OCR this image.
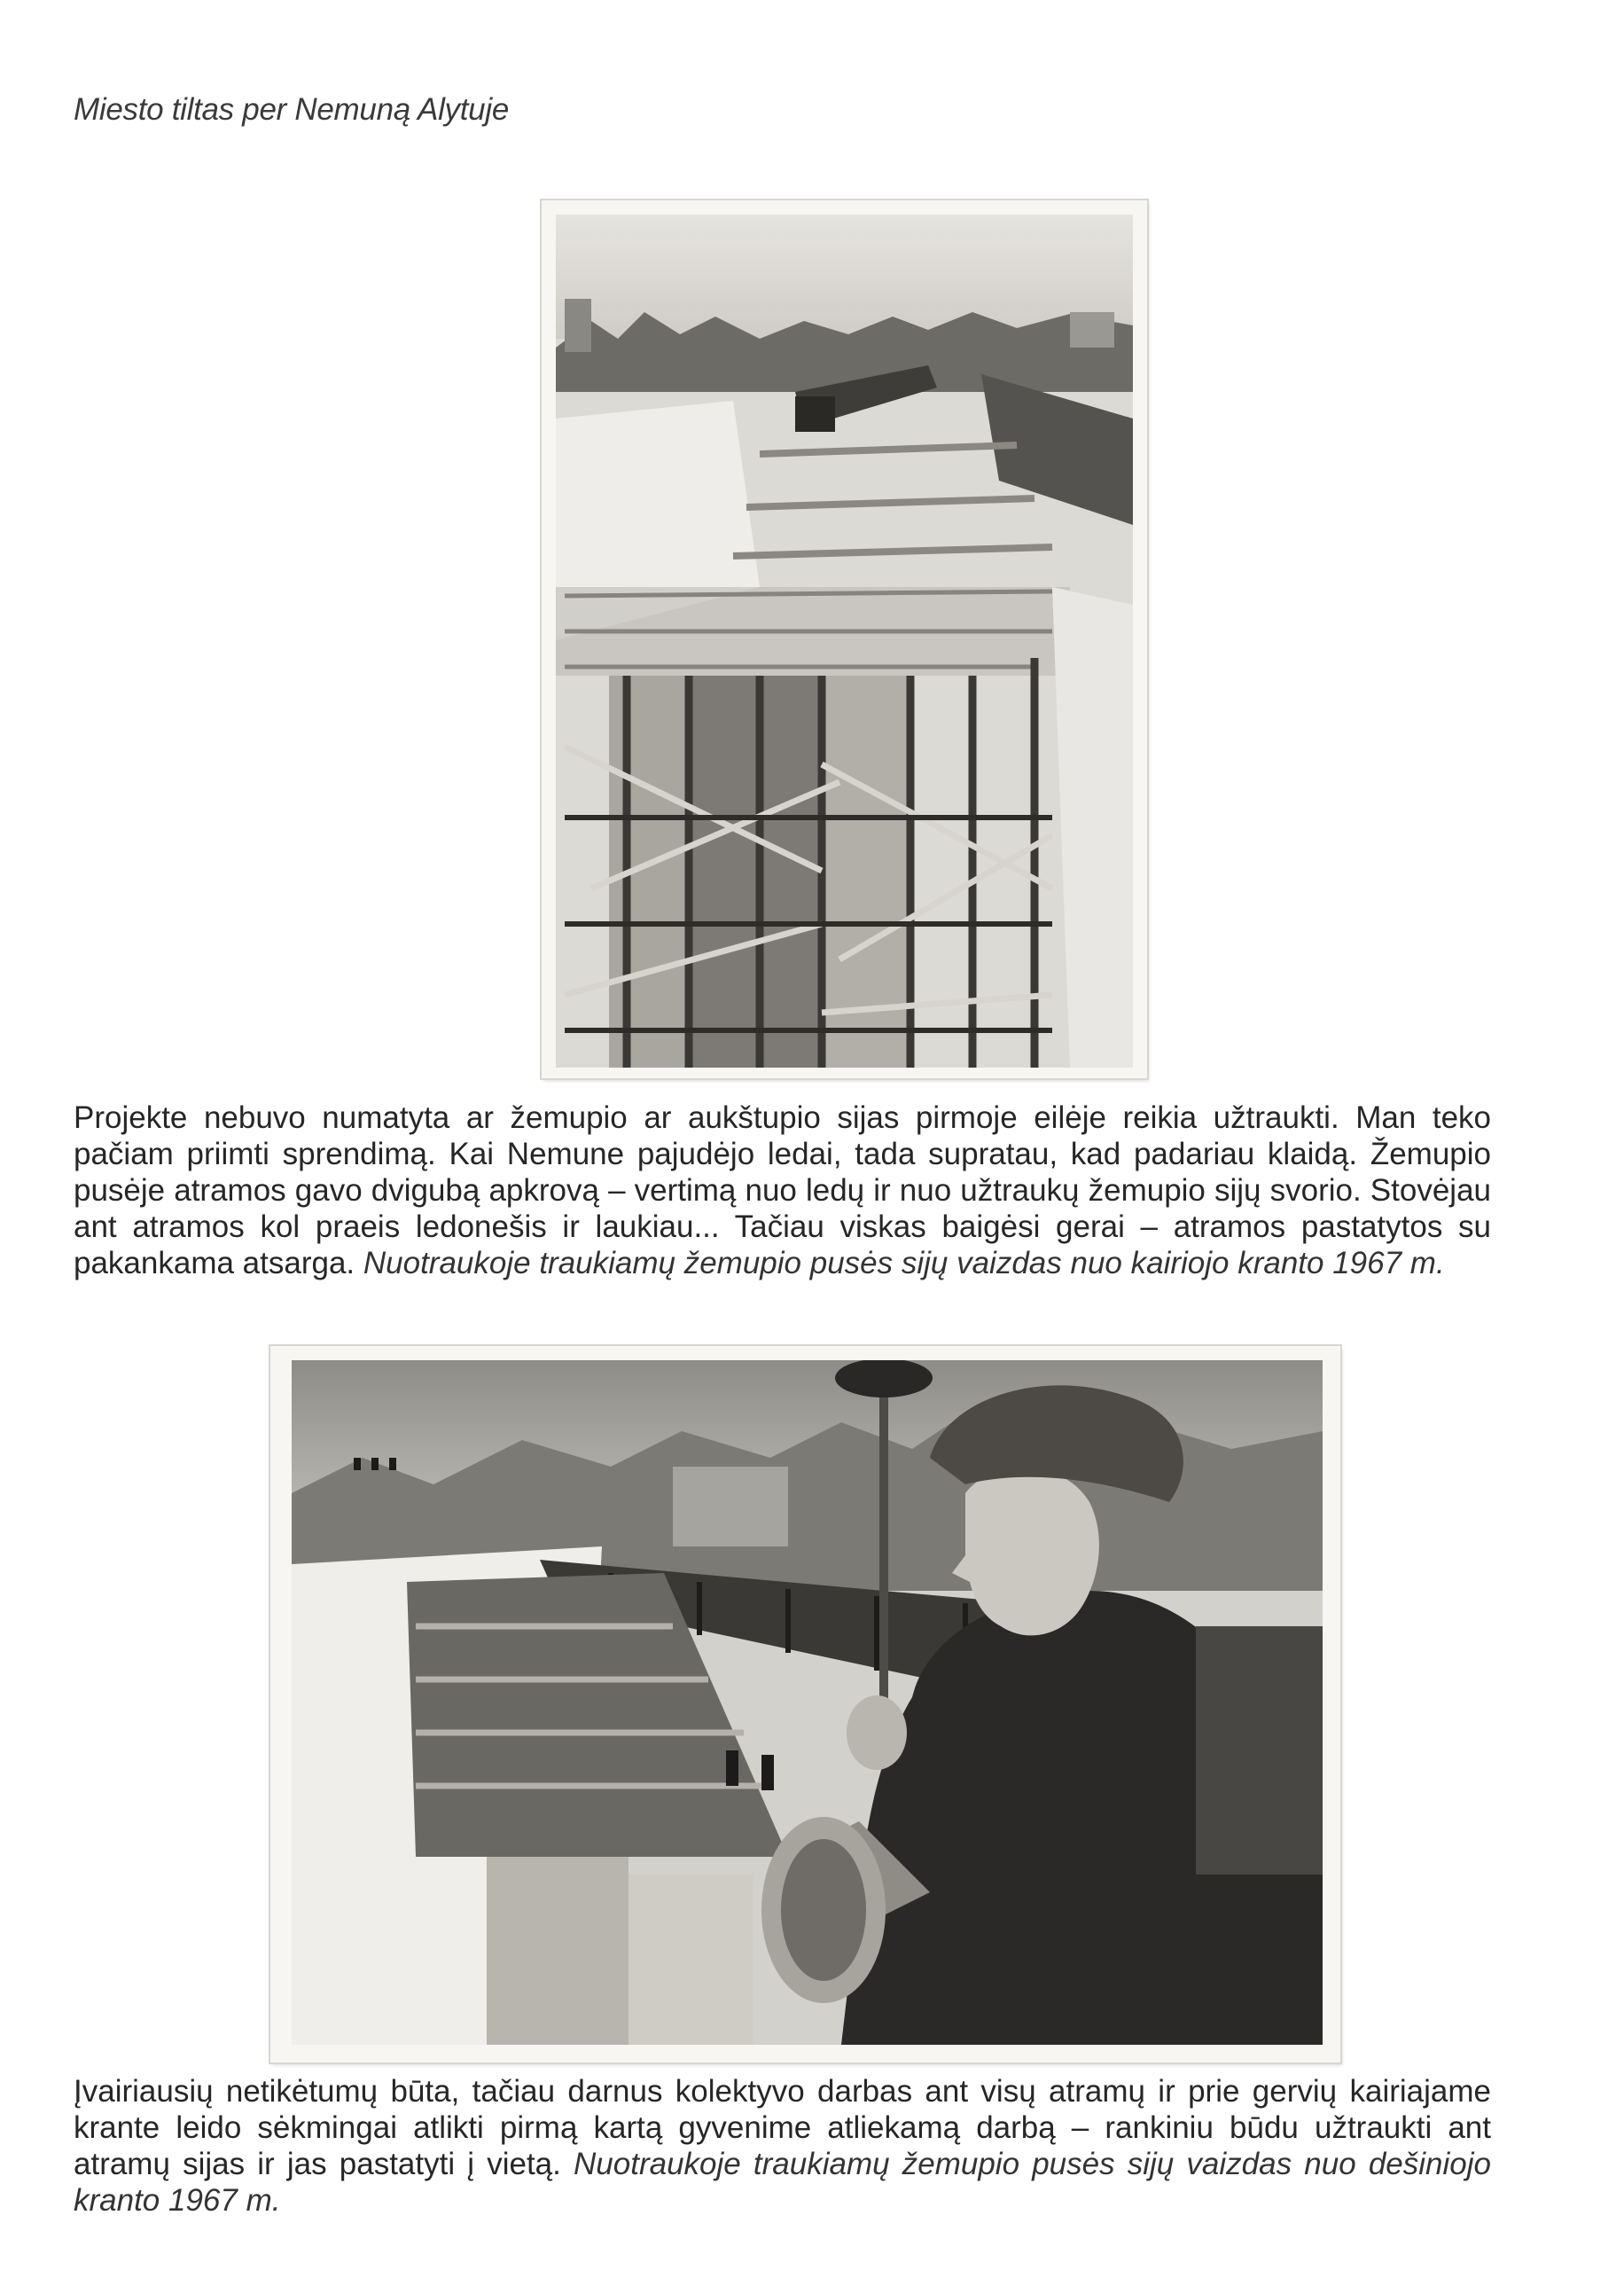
Miesto tiltas per Nemuną Alytuje
Projekte nebuvo numatyta ar žemupio ar aukštupio sijas pirmoje eilėje reikia užtraukti. Man teko pačiam priimti sprendimą. Kai Nemune pajudėjo ledai, tada supratau, kad padariau klaidą. Žemupio pusėje atramos gavo dvigubą apkrovą – vertimą nuo ledų ir nuo užtraukų žemupio sijų svorio. Stovėjau ant atramos kol praeis ledonešis ir laukiau... Tačiau viskas baigėsi gerai – atramos pastatytos su pakankama atsarga. Nuotraukoje traukiamų žemupio pusės sijų vaizdas nuo kairiojo kranto 1967 m.
Įvairiausių netikėtumų būta, tačiau darnus kolektyvo darbas ant visų atramų ir prie gervių kairiajame krante leido sėkmingai atlikti pirmą kartą gyvenime atliekamą darbą – rankiniu būdu užtraukti ant atramų sijas ir jas pastatyti į vietą. Nuotraukoje traukiamų žemupio pusės sijų vaizdas nuo dešiniojo kranto 1967 m.
